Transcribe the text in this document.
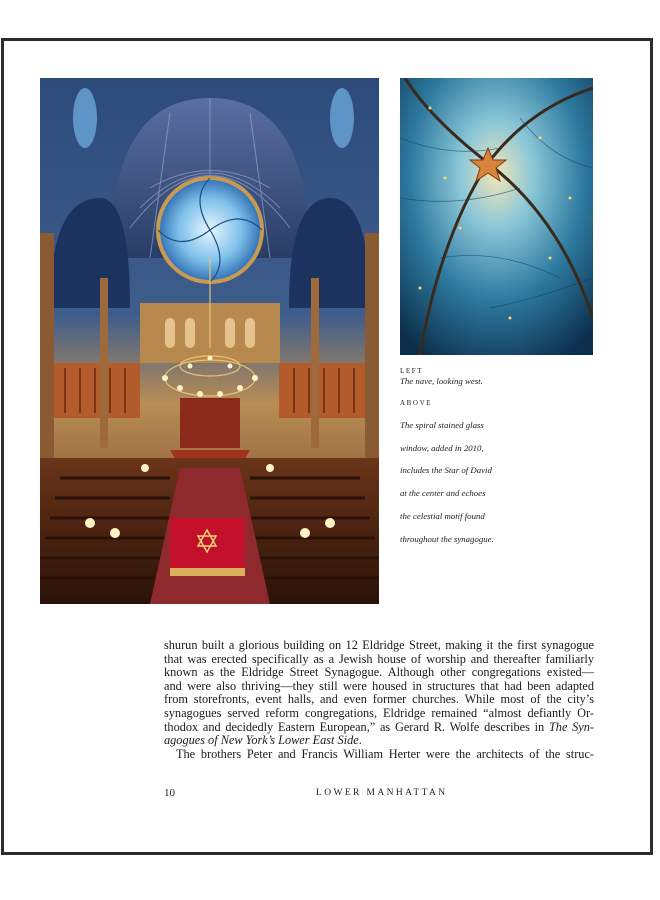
LEFT
The nave, looking west.
ABOVE

The spiral stained glass

window, added in 2010,

includes the Star of David

at the center and echoes

the celestial motif found

throughout the synagogue.

shurun built a glorious building on 12 Eldridge Street, making it the first synagogue
that was erected specifically as a Jewish house of worship and thereafter familiarly
known as the Eldridge Street Synagogue. Although other congregations existed—
and were also thriving—they still were housed in structures that had been adapted
from storefronts, event halls, and even former churches. While most of the city’s
synagogues served reform congregations, Eldridge remained “almost defiantly Or-
thodox and decidedly Eastern European,” as Gerard R. Wolfe describes in The Syn-
agogues of New York’s Lower East Side.
The brothers Peter and Francis William Herter were the architects of the struc-
10	LOWER MANHATTAN
